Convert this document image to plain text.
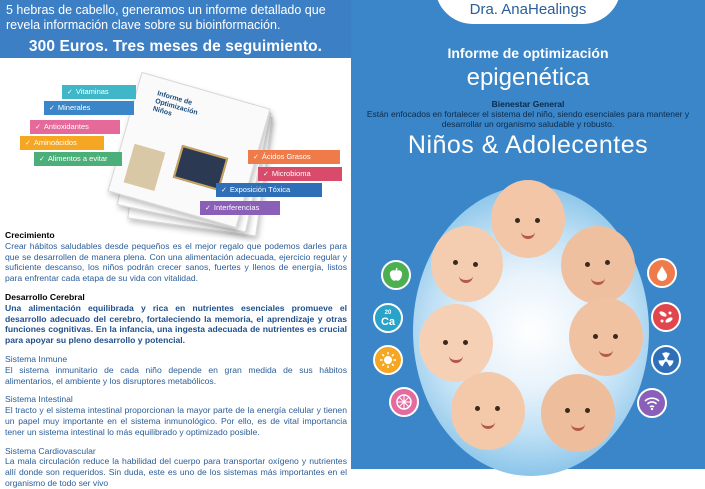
5 hebras de cabello, generamos un informe detallado que revela información clave sobre su bioinformación.
300 Euros. Tres meses de seguimiento.
Informe de Optimización Niños
✓ Vitaminas
✓ Minerales
✓ Antioxidantes
✓ Aminoácidos
✓ Alimentos a evitar	✓ Ácidos Grasos
✓ Microbioma
✓ Exposición Tóxica
✓ Interferencias
Crecimiento
Crear hábitos saludables desde pequeños es el mejor regalo que podemos darles para que se desarrollen de manera plena. Con una alimentación adecuada, ejercicio regular y suficiente descanso, los niños podrán crecer sanos, fuertes y llenos de energía, listos para enfrentar cada etapa de su vida con vitalidad.
Desarrollo Cerebral
Una alimentación equilibrada y rica en nutrientes esenciales promueve el desarrollo adecuado del cerebro, fortaleciendo la memoria, el aprendizaje y otras funciones cognitivas. En la infancia, una ingesta adecuada de nutrientes es crucial para apoyar su pleno desarrollo y potencial.
Sistema Inmune
El sistema inmunitario de cada niño depende en gran medida de sus hábitos alimentarios, el ambiente y los disruptores metabólicos.
Sistema Intestinal
El tracto y el sistema intestinal proporcionan la mayor parte de la energía celular y tienen un papel muy importante en el sistema inmunológico. Por ello, es de vital importancia tener un sistema intestinal lo más equilibrado y optimizado posible.
Sistema Cardiovascular
La mala circulación reduce la habilidad del cuerpo para transportar oxígeno y nutrientes allí donde son requeridos. Sin duda, este es uno de los sistemas más importantes en el organismo de todo ser vivo
Dra. AnaHealings
Informe de optimización
epigenética
Bienestar General
Están enfocados en fortalecer el sistema del niño, siendo esenciales para mantener y desarrollar un organismo saludable y robusto.
Niños & Adolecentes
20
Ca
